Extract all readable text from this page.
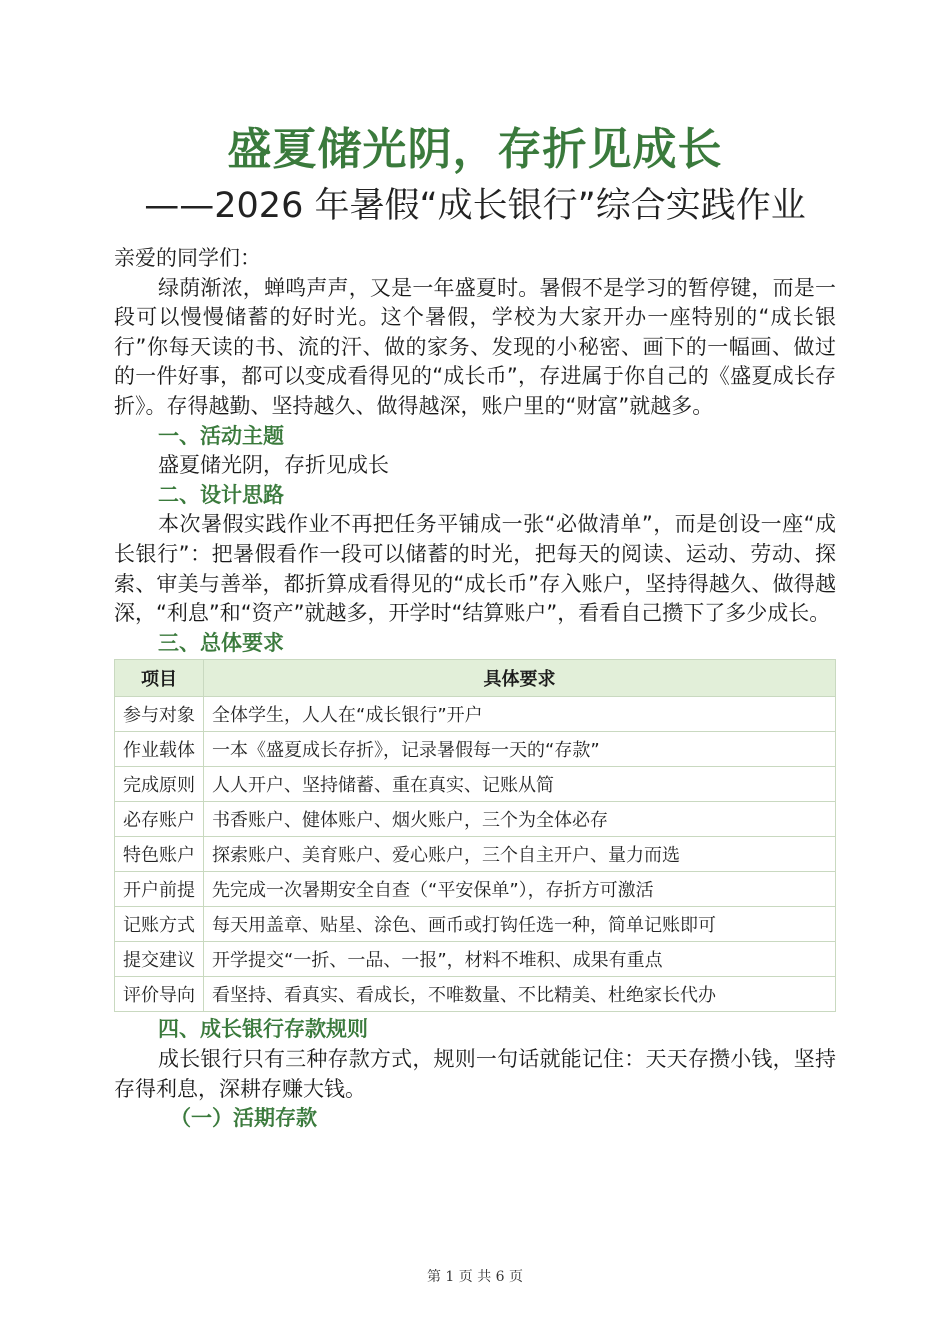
盛夏储光阴，存折见成长
——2026 年暑假“成长银行”综合实践作业

亲爱的同学们：

绿荫渐浓，蝉鸣声声，又是一年盛夏时。暑假不是学习的暂停键，而是一段可以慢慢储蓄的好时光。这个暑假，学校为大家开办一座特别的“成长银行”你每天读的书、流的汗、做的家务、发现的小秘密、画下的一幅画、做过的一件好事，都可以变成看得见的“成长币”，存进属于你自己的《盛夏成长存折》。存得越勤、坚持越久、做得越深，账户里的“财富”就越多。

一、活动主题

盛夏储光阴，存折见成长

二、设计思路

本次暑假实践作业不再把任务平铺成一张“必做清单”，而是创设一座“成长银行”：把暑假看作一段可以储蓄的时光，把每天的阅读、运动、劳动、探索、审美与善举，都折算成看得见的“成长币”存入账户，坚持得越久、做得越深，“利息”和“资产”就越多，开学时“结算账户”，看看自己攒下了多少成长。

三、总体要求

项目	具体要求
参与对象	全体学生，人人在“成长银行”开户
作业载体	一本《盛夏成长存折》，记录暑假每一天的“存款”
完成原则	人人开户、坚持储蓄、重在真实、记账从简
必存账户	书香账户、健体账户、烟火账户，三个为全体必存
特色账户	探索账户、美育账户、爱心账户，三个自主开户、量力而选
开户前提	先完成一次暑期安全自查（“平安保单”），存折方可激活
记账方式	每天用盖章、贴星、涂色、画币或打钩任选一种，简单记账即可
提交建议	开学提交“一折、一品、一报”，材料不堆积、成果有重点
评价导向	看坚持、看真实、看成长，不唯数量、不比精美、杜绝家长代办

四、成长银行存款规则

成长银行只有三种存款方式，规则一句话就能记住：天天存攒小钱，坚持存得利息，深耕存赚大钱。

（一）活期存款

第 1 页 共 6 页
